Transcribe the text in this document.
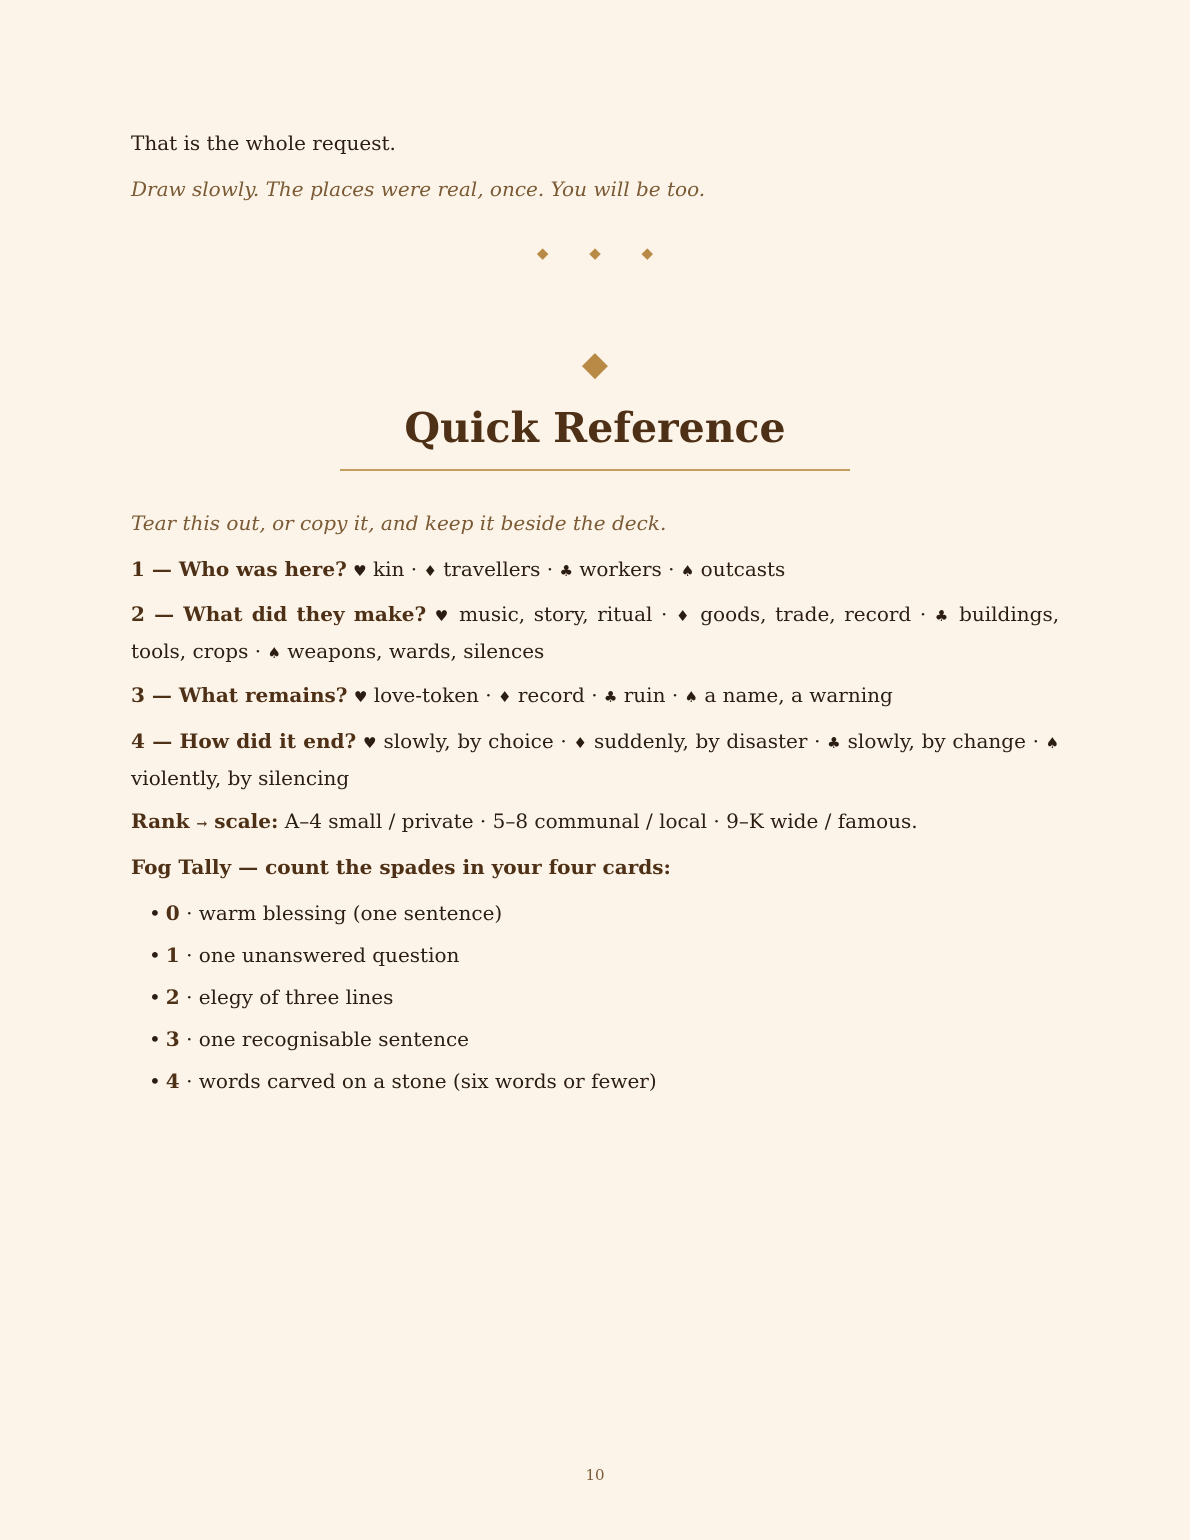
That is the whole request.

Draw slowly. The places were real, once. You will be too.

◆	◆	◆
◆
Quick Reference

Tear this out, or copy it, and keep it beside the deck.

1 — Who was here? ♥ kin · ♦ travellers · ♣ workers · ♠ outcasts

2 — What did they make? ♥ music, story, ritual · ♦ goods, trade, record · ♣ buildings, tools, crops · ♠ weapons, wards, silences

3 — What remains? ♥ love-token · ♦ record · ♣ ruin · ♠ a name, a warning

4 — How did it end? ♥ slowly, by choice · ♦ suddenly, by disaster · ♣ slowly, by change · ♠ violently, by silencing

Rank → scale: A–4 small / private · 5–8 communal / local · 9–K wide / famous.

Fog Tally — count the spades in your four cards:

• 0 · warm blessing (one sentence)
• 1 · one unanswered question
• 2 · elegy of three lines
• 3 · one recognisable sentence
• 4 · words carved on a stone (six words or fewer)
10
